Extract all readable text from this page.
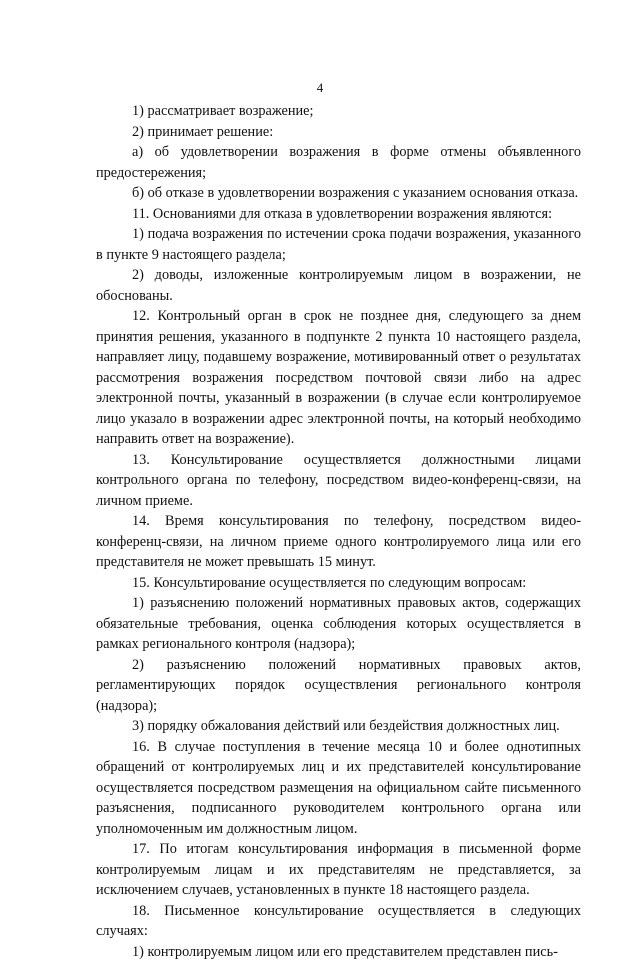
4

1) рассматривает возражение;

2) принимает решение:

а) об удовлетворении возражения в форме отмены объявленного предостережения;

б) об отказе в удовлетворении возражения с указанием основания отказа.

11. Основаниями для отказа в удовлетворении возражения являются:

1) подача возражения по истечении срока подачи возражения, указанного в пункте 9 настоящего раздела;

2) доводы, изложенные контролируемым лицом в возражении, не обоснованы.

12. Контрольный орган в срок не позднее дня, следующего за днем принятия решения, указанного в подпункте 2 пункта 10 настоящего раздела, направляет лицу, подавшему возражение, мотивированный ответ о результатах рассмотрения возражения посредством почтовой связи либо на адрес электронной почты, указанный в возражении (в случае если контролируемое лицо указало в возражении адрес электронной почты, на который необходимо направить ответ на возражение).

13. Консультирование осуществляется должностными лицами контрольного органа по телефону, посредством видео-конференц-связи, на личном приеме.

14. Время консультирования по телефону, посредством видео-конференц-связи, на личном приеме одного контролируемого лица или его представителя не может превышать 15 минут.

15. Консультирование осуществляется по следующим вопросам:

1) разъяснению положений нормативных правовых актов, содержащих обязательные требования, оценка соблюдения которых осуществляется в рамках регионального контроля (надзора);

2) разъяснению положений нормативных правовых актов, регламентирующих порядок осуществления регионального контроля (надзора);

3) порядку обжалования действий или бездействия должностных лиц.

16. В случае поступления в течение месяца 10 и более однотипных обращений от контролируемых лиц и их представителей консультирование осуществляется посредством размещения на официальном сайте письменного разъяснения, подписанного руководителем контрольного органа или уполномоченным им должностным лицом.

17. По итогам консультирования информация в письменной форме контролируемым лицам и их представителям не представляется, за исключением случаев, установленных в пункте 18 настоящего раздела.

18. Письменное консультирование осуществляется в следующих случаях:

1) контролируемым лицом или его представителем представлен пись-
